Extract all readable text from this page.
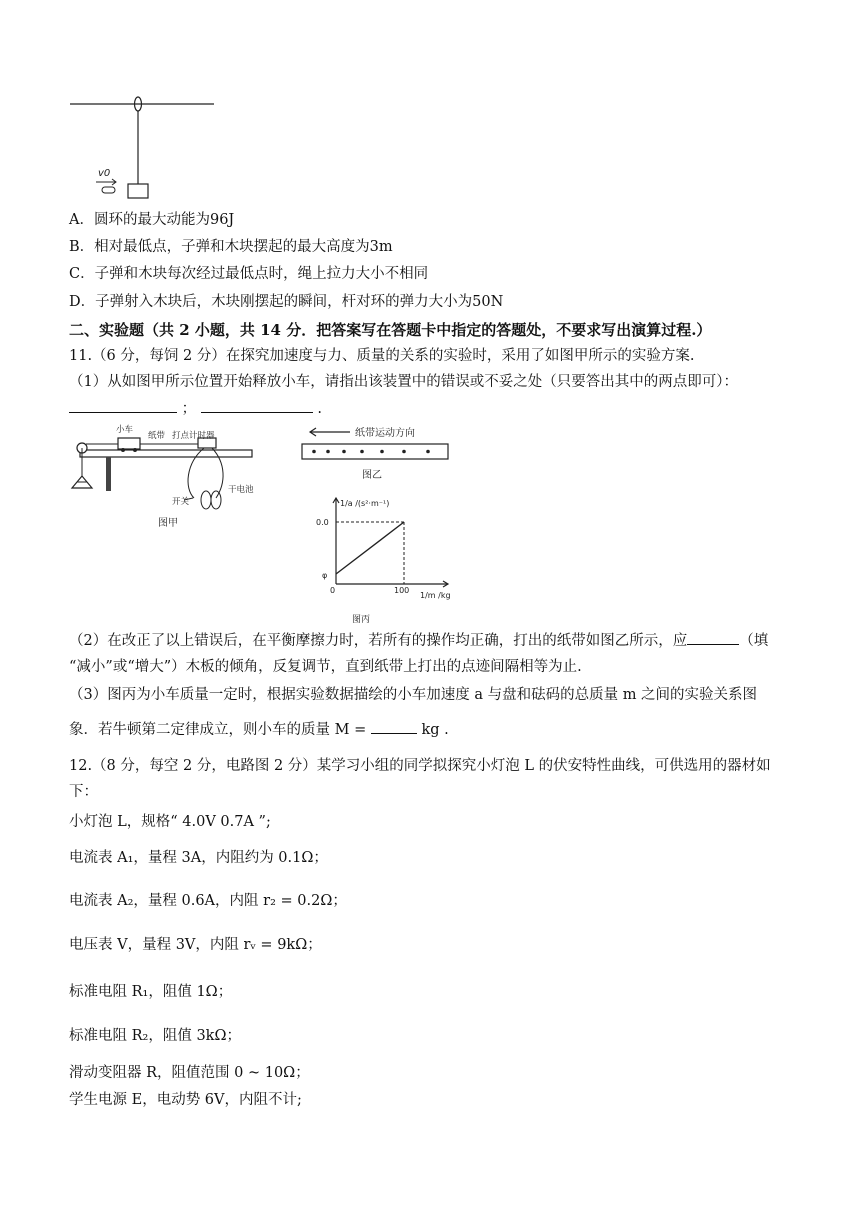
v0
A．圆环的最大动能为96J
B．相对最低点，子弹和木块摆起的最大高度为3m
C．子弹和木块每次经过最低点时，绳上拉力大小不相同
D．子弹射入木块后，木块刚摆起的瞬间，杆对环的弹力大小为50N
二、实验题（共 2 小题，共 14 分．把答案写在答题卡中指定的答题处，不要求写出演算过程.）
11.（6 分，每饲 2 分）在探究加速度与力、质量的关系的实验时，采用了如图甲所示的实验方案.
（1）从如图甲所示位置开始释放小车，请指出该装置中的错误或不妥之处（只要答出其中的两点即可）：
；	.
小车
纸带 打点计时器
开关
干电池
图甲
纸带运动方向
图乙
1/a /(s²·m⁻¹)
0.0
φ
0	100
1/m /kg
图丙
（2）在改正了以上错误后，在平衡摩擦力时，若所有的操作均正确，打出的纸带如图乙所示，应	（填
“减小”或“增大”）木板的倾角，反复调节，直到纸带上打出的点迹间隔相等为止.
（3）图丙为小车质量一定时，根据实验数据描绘的小车加速度 a 与盘和砝码的总质量 m 之间的实验关系图
象．若牛顿第二定律成立，则小车的质量 M =	kg .
12.（8 分，每空 2 分，电路图 2 分）某学习小组的同学拟探究小灯泡 L 的伏安特性曲线，可供选用的器材如
下：
小灯泡 L，规格“ 4.0V 0.7A ”;
电流表 A₁，量程 3A，内阻约为 0.1Ω；
电流表 A₂，量程 0.6A，内阻 r₂ = 0.2Ω；
电压表 V，量程 3V，内阻 rᵥ = 9kΩ；
标准电阻 R₁，阻值 1Ω；
标准电阻 R₂，阻值 3kΩ；
滑动变阻器 R，阻值范围 0 ~ 10Ω；
学生电源 E，电动势 6V，内阻不计;
